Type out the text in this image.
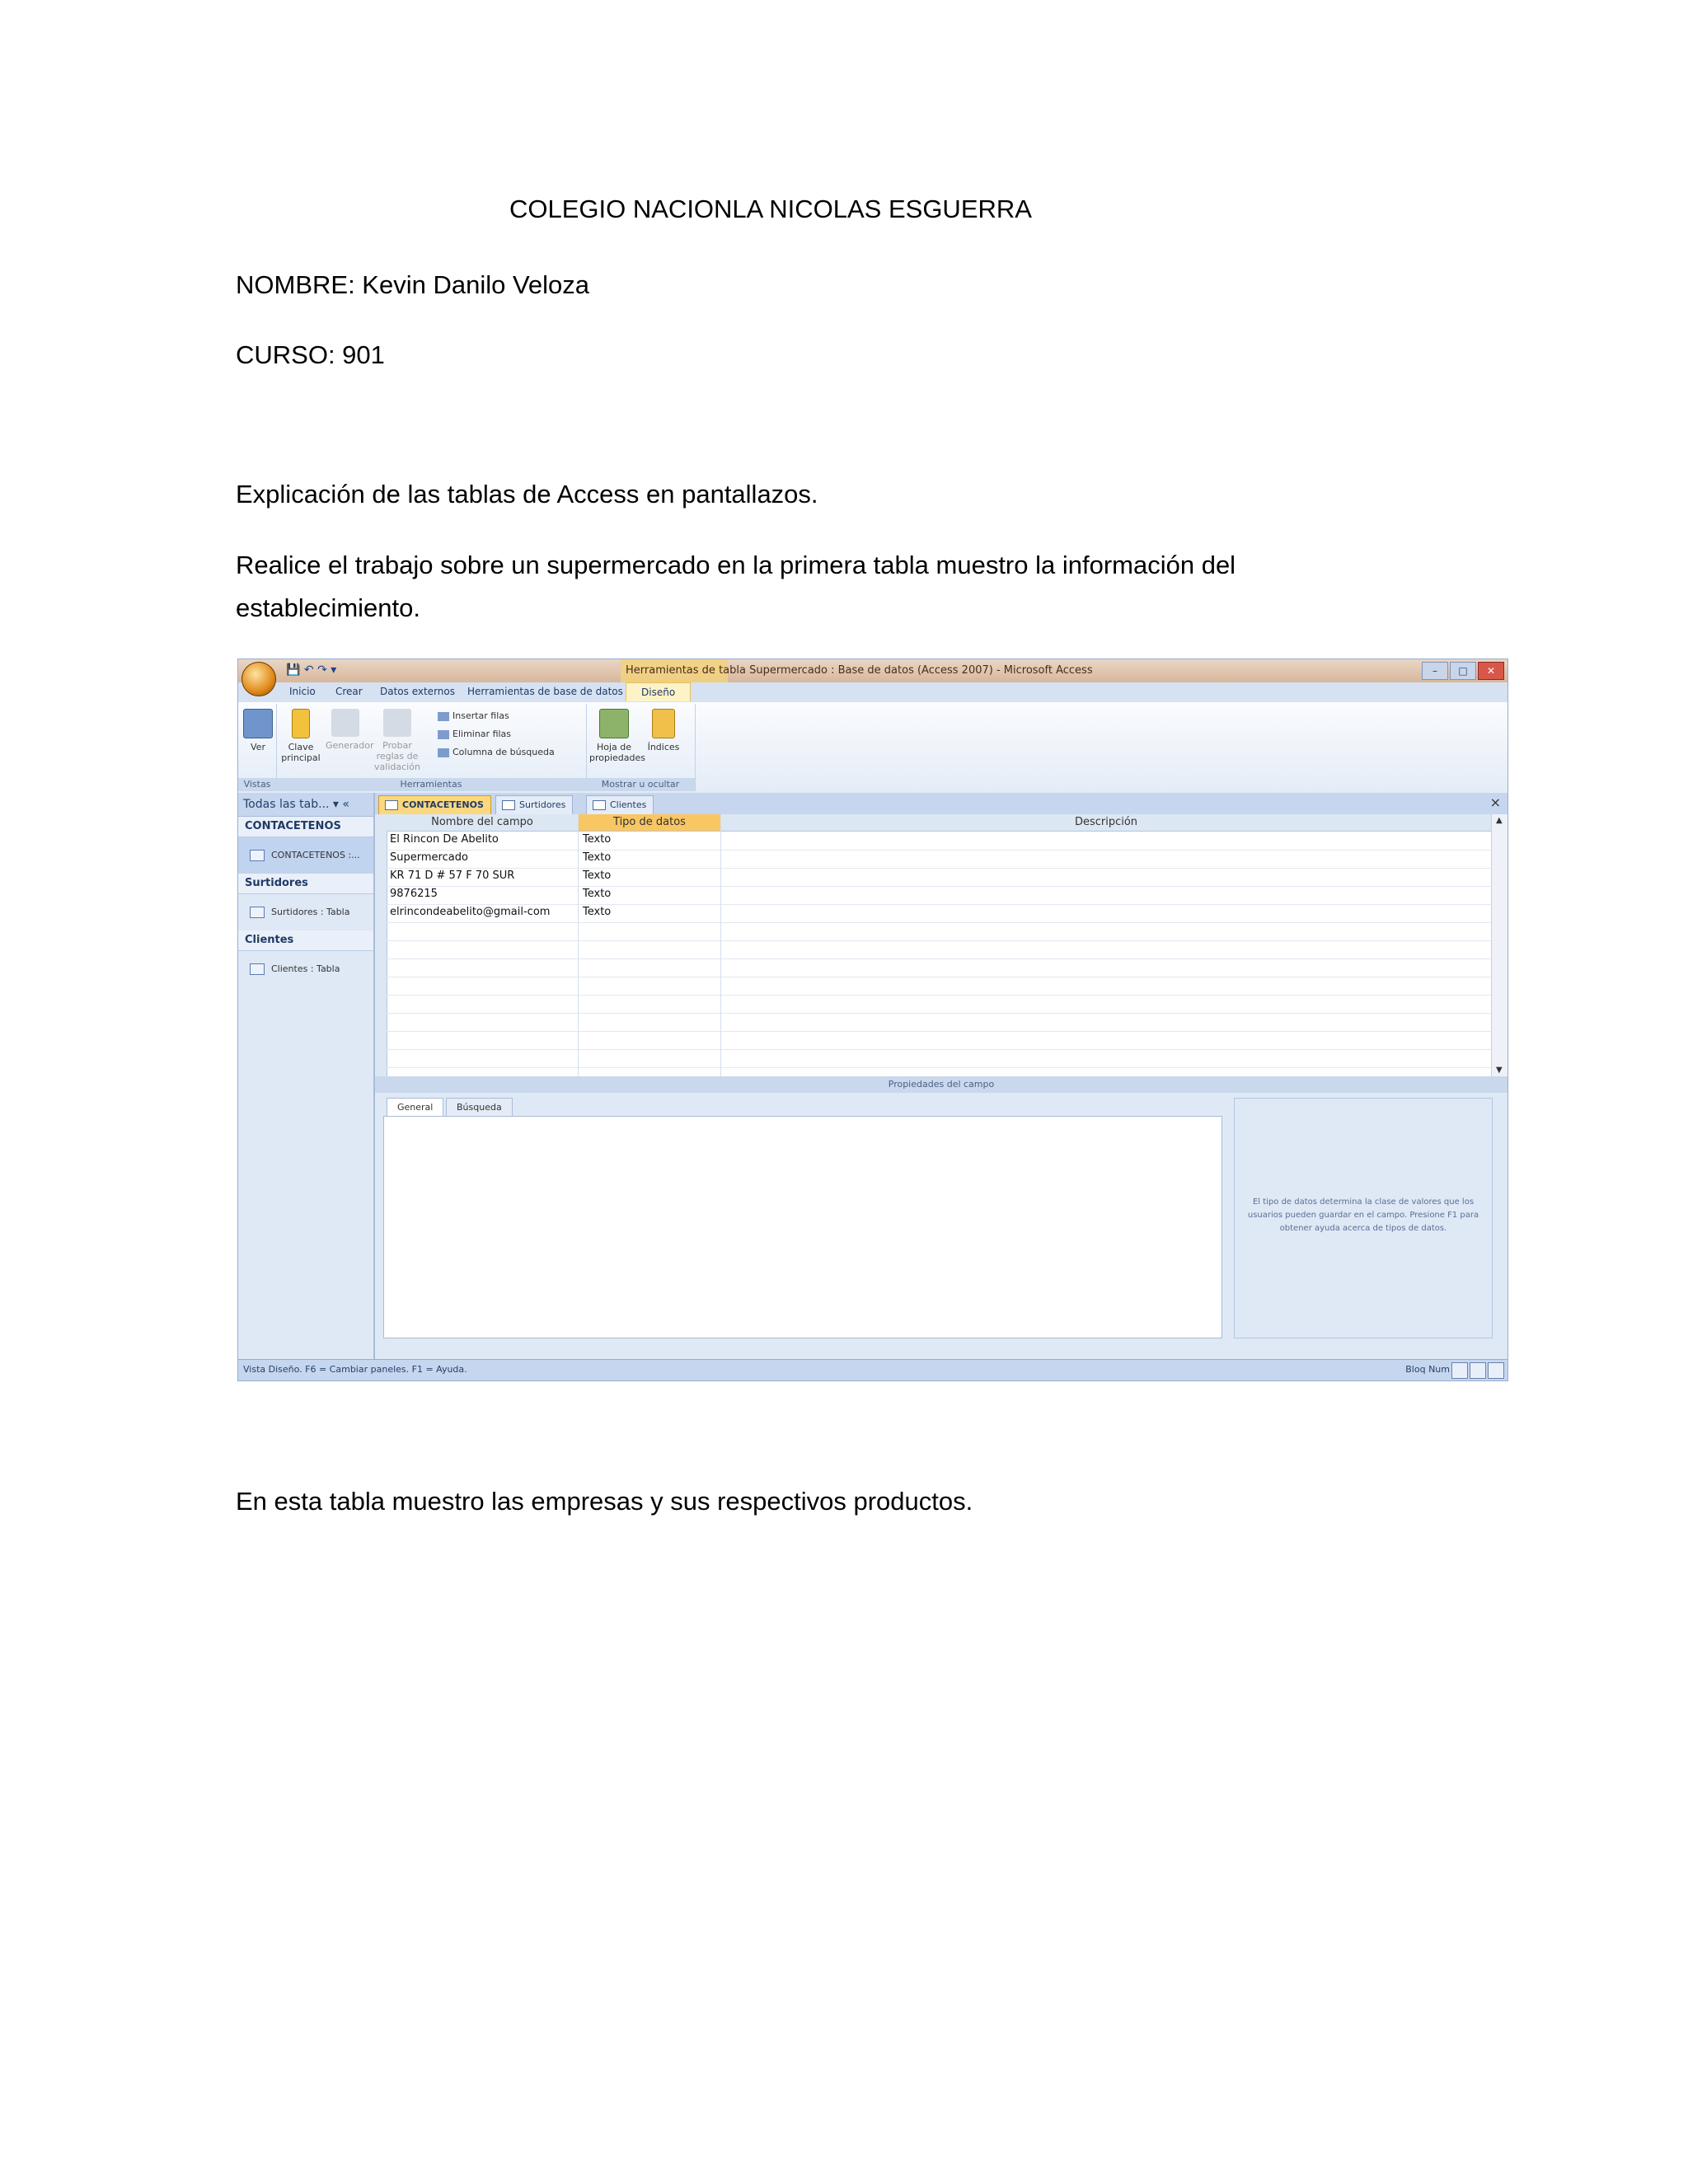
COLEGIO NACIONLA NICOLAS ESGUERRA
NOMBRE: Kevin Danilo Veloza
CURSO: 901
Explicación de las tablas de Access en pantallazos.
Realice el trabajo sobre un supermercado en la primera tabla muestro la información del
establecimiento.
En esta tabla muestro las empresas y sus respectivos productos.
💾 ↶ ↷ ▾	Herramientas de tabla Supermercado : Base de datos (Access 2007) - Microsoft Access	–	□	✕
Inicio Crear Datos externos Herramientas de base de datos	Diseño
Ver
Vistas
Clave principal
Generador Probar reglas de validación
Insertar filas
Eliminar filas
Columna de búsqueda
Herramientas
Hoja de propiedades
Índices
Mostrar u ocultar
Todas las tab... ▾ «
CONTACETENOS
CONTACETENOS :...
Surtidores
Surtidores : Tabla
Clientes
Clientes : Tabla
CONTACETENOS	Surtidores	Clientes	×
Nombre del campo	Tipo de datos	Descripción
El Rincon De Abelito	Texto
Supermercado	Texto
KR 71 D # 57 F 70 SUR	Texto
9876215	Texto
elrincondeabelito@gmail-com	Texto
▲
▼
Propiedades del campo
General	Búsqueda
El tipo de datos determina la clase de valores que los usuarios pueden guardar en el campo. Presione F1 para obtener ayuda acerca de tipos de datos.
Vista Diseño. F6 = Cambiar paneles. F1 = Ayuda.	Bloq Num
